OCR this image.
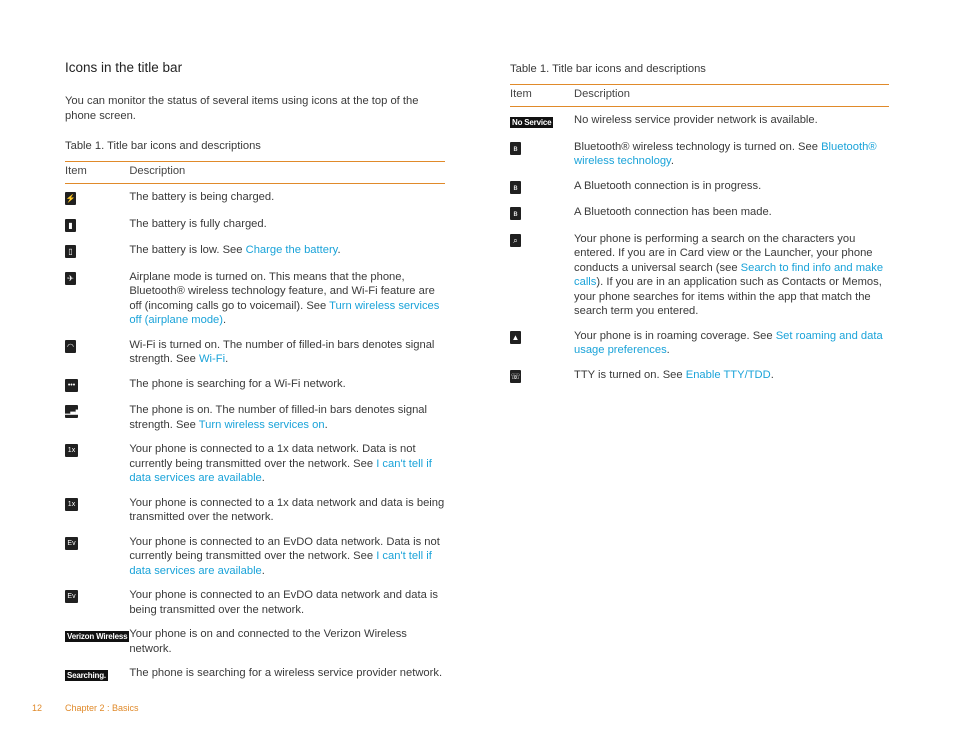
Icons in the title bar
You can monitor the status of several items using icons at the top of the phone screen.
Table 1. Title bar icons and descriptions
Item	Description
⚡	The battery is being charged.
▮	The battery is fully charged.
▯	The battery is low. See Charge the battery.
✈	Airplane mode is turned on. This means that the phone, Bluetooth® wireless technology feature, and Wi-Fi feature are off (incoming calls go to voicemail). See Turn wireless services off (airplane mode).
◠	Wi-Fi is turned on. The number of filled-in bars denotes signal strength. See Wi-Fi.
•••	The phone is searching for a Wi-Fi network.
▁▃▅	The phone is on. The number of filled-in bars denotes signal strength. See Turn wireless services on.
1x	Your phone is connected to a 1x data network. Data is not currently being transmitted over the network. See I can't tell if data services are available.
1x	Your phone is connected to a 1x data network and data is being transmitted over the network.
Ev	Your phone is connected to an EvDO data network. Data is not currently being transmitted over the network. See I can't tell if data services are available.
Ev	Your phone is connected to an EvDO data network and data is being transmitted over the network.
Verizon Wireless	Your phone is on and connected to the Verizon Wireless network.
Searching.	The phone is searching for a wireless service provider network.
Table 1. Title bar icons and descriptions
Item	Description
No Service	No wireless service provider network is available.
ʙ	Bluetooth® wireless technology is turned on. See Bluetooth® wireless technology.
ʙ	A Bluetooth connection is in progress.
ʙ	A Bluetooth connection has been made.
⌕	Your phone is performing a search on the characters you entered. If you are in Card view or the Launcher, your phone conducts a universal search (see Search to find info and make calls). If you are in an application such as Contacts or Memos, your phone searches for items within the app that match the search term you entered.
▲	Your phone is in roaming coverage. See Set roaming and data usage preferences.
☏	TTY is turned on. See Enable TTY/TDD.
12	Chapter 2 : Basics
